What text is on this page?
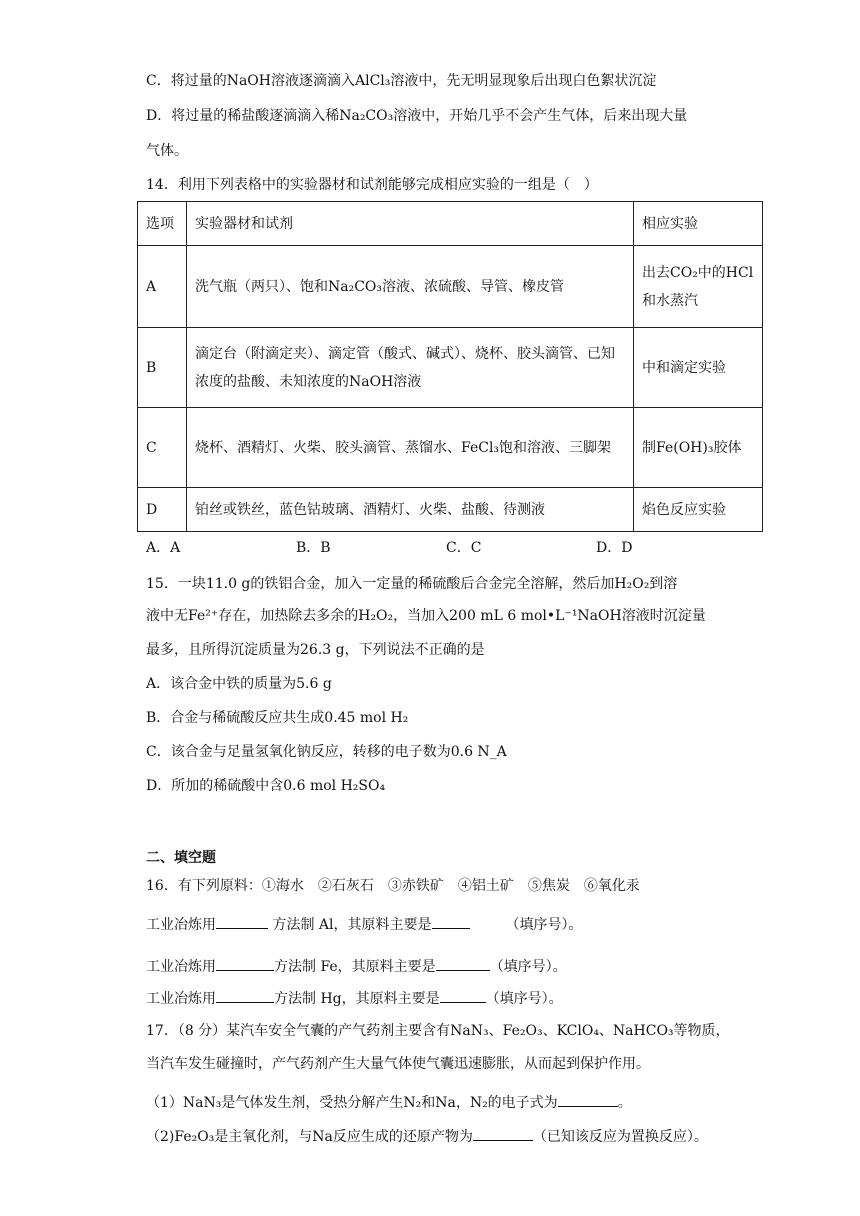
C．将过量的NaOH溶液逐滴滴入AlCl₃溶液中，先无明显现象后出现白色絮状沉淀
D．将过量的稀盐酸逐滴滴入稀Na₂CO₃溶液中，开始几乎不会产生气体，后来出现大量
气体。
14．利用下列表格中的实验器材和试剂能够完成相应实验的一组是（　）
选项	实验器材和试剂	相应实验
A	洗气瓶（两只）、饱和Na₂CO₃溶液、浓硫酸、导管、橡皮管	出去CO₂中的HCl和水蒸汽
B	滴定台（附滴定夹）、滴定管（酸式、碱式）、烧杯、胶头滴管、已知浓度的盐酸、未知浓度的NaOH溶液	中和滴定实验
C	烧杯、酒精灯、火柴、胶头滴管、蒸馏水、FeCl₃饱和溶液、三脚架	制Fe(OH)₃胶体
D	铂丝或铁丝，蓝色钴玻璃、酒精灯、火柴、盐酸、待测液	焰色反应实验
A．A	B．B	C．C	D．D
15．一块11.0 g的铁铝合金，加入一定量的稀硫酸后合金完全溶解，然后加H₂O₂到溶
液中无Fe²⁺存在，加热除去多余的H₂O₂，当加入200 mL 6 mol•L⁻¹NaOH溶液时沉淀量
最多，且所得沉淀质量为26.3 g，下列说法不正确的是
A．该合金中铁的质量为5.6 g
B．合金与稀硫酸反应共生成0.45 mol H₂
C．该合金与足量氢氧化钠反应，转移的电子数为0.6 N_A
D．所加的稀硫酸中含0.6 mol H₂SO₄
二、填空题
16．有下列原料：①海水　②石灰石　③赤铁矿　④铝土矿　⑤焦炭　⑥氧化汞
工业冶炼用	方法制 Al，其原料主要是	（填序号）。
工业冶炼用	方法制 Fe，其原料主要是	（填序号）。
工业冶炼用	方法制 Hg，其原料主要是	（填序号）。
17．（8 分）某汽车安全气囊的产气药剂主要含有NaN₃、Fe₂O₃、KClO₄、NaHCO₃等物质，
当汽车发生碰撞时，产气药剂产生大量气体使气囊迅速膨胀，从而起到保护作用。
（1）NaN₃是气体发生剂，受热分解产生N₂和Na，N₂的电子式为	。
（2)Fe₂O₃是主氧化剂，与Na反应生成的还原产物为	（已知该反应为置换反应）。
